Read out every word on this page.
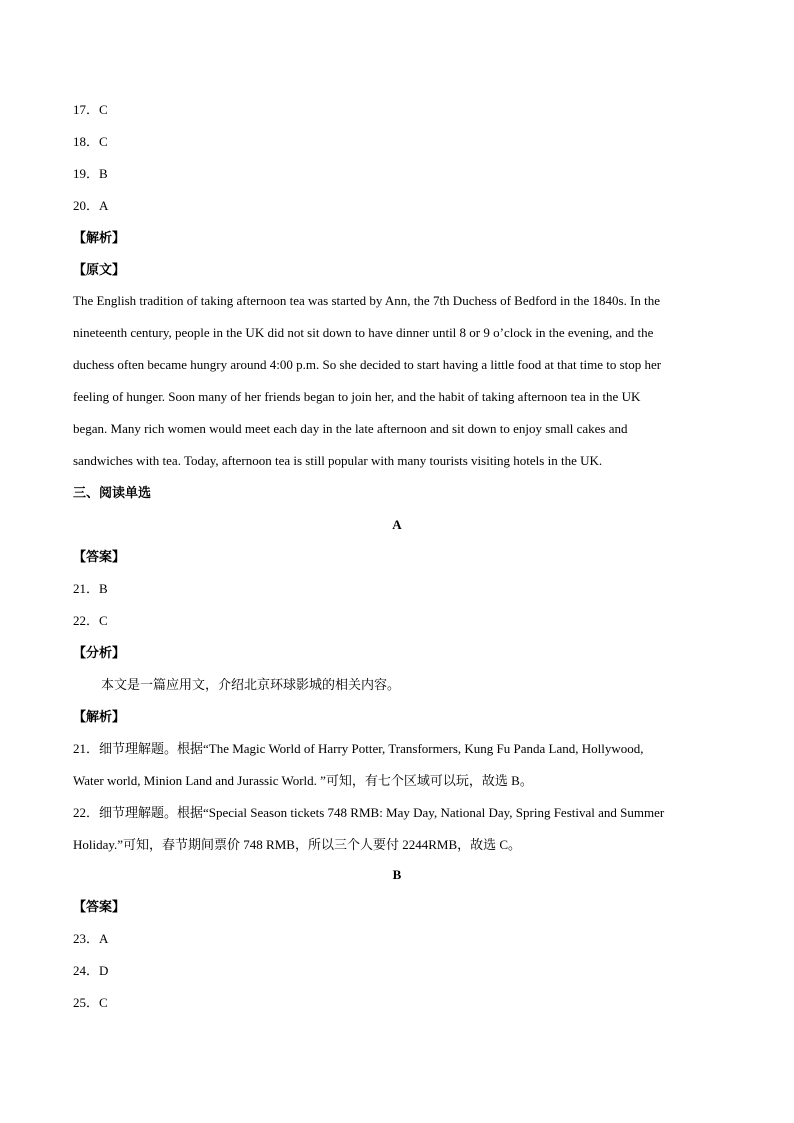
17．C
18．C
19．B
20．A
【解析】
【原文】
The English tradition of taking afternoon tea was started by Ann, the 7th Duchess of Bedford in the 1840s. In the
nineteenth century, people in the UK did not sit down to have dinner until 8 or 9 o’clock in the evening, and the
duchess often became hungry around 4:00 p.m. So she decided to start having a little food at that time to stop her
feeling of hunger. Soon many of her friends began to join her, and the habit of taking afternoon tea in the UK
began. Many rich women would meet each day in the late afternoon and sit down to enjoy small cakes and
sandwiches with tea. Today, afternoon tea is still popular with many tourists visiting hotels in the UK.
三、阅读单选
A
【答案】
21．B
22．C
【分析】
本文是一篇应用文，介绍北京环球影城的相关内容。
【解析】
21．细节理解题。根据“The Magic World of Harry Potter, Transformers, Kung Fu Panda Land, Hollywood,
Water world, Minion Land and Jurassic World. ”可知，有七个区域可以玩，故选 B。
22．细节理解题。根据“Special Season tickets 748 RMB: May Day, National Day, Spring Festival and Summer
Holiday.”可知，春节期间票价 748 RMB，所以三个人要付 2244RMB，故选 C。
B
【答案】
23．A
24．D
25．C
